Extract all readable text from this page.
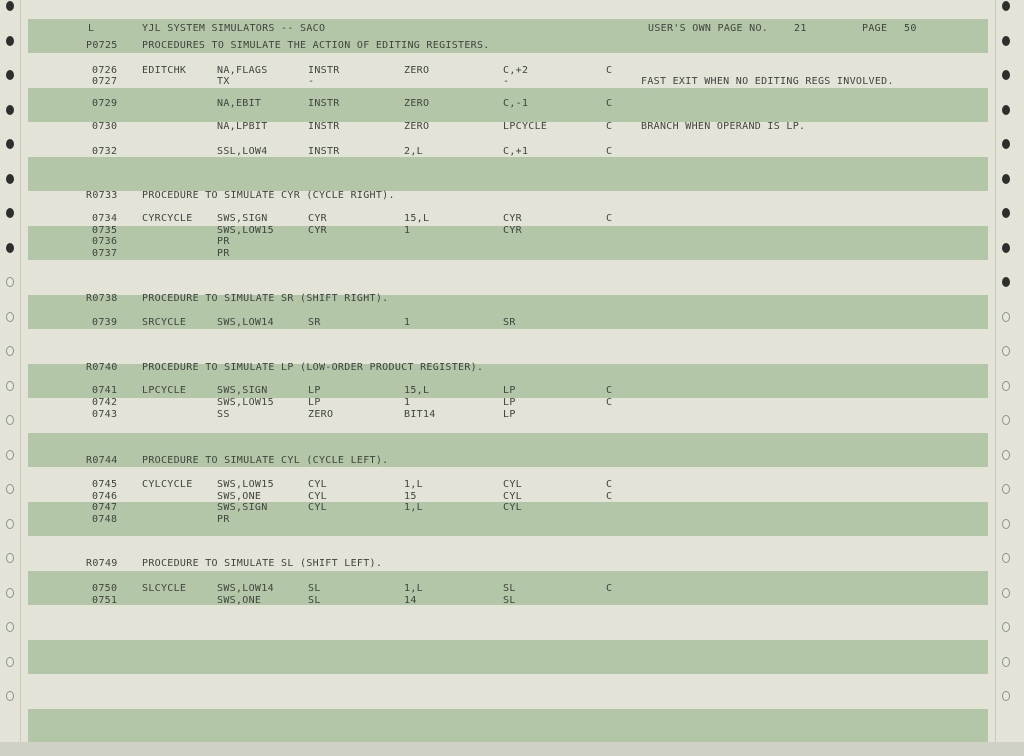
L	YJL SYSTEM SIMULATORS -- SACO	USER'S OWN PAGE NO.	21	PAGE 50
P0725 PROCEDURES TO SIMULATE THE ACTION OF EDITING REGISTERS.
0726 EDITCHK	NA,FLAGS	INSTR	ZERO	C,+2	C
0727	TX	-	-	FAST EXIT WHEN NO EDITING REGS INVOLVED.
0729	NA,EBIT	INSTR	ZERO	C,-1	C
0730	NA,LPBIT	INSTR	ZERO	LPCYCLE	C	BRANCH WHEN OPERAND IS LP.
0732	SSL,LOW4	INSTR	2,L	C,+1	C
R0733 PROCEDURE TO SIMULATE CYR (CYCLE RIGHT).
0734 CYRCYCLE SWS,SIGN	CYR	15,L	CYR	C
0735	SWS,LOW15	CYR	1	CYR
0736	PR
0737	PR
R0738 PROCEDURE TO SIMULATE SR (SHIFT RIGHT).
0739 SRCYCLE	SWS,LOW14	SR	1	SR
R0740 PROCEDURE TO SIMULATE LP (LOW-ORDER PRODUCT REGISTER).
0741 LPCYCLE	SWS,SIGN	LP	15,L	LP	C
0742	SWS,LOW15	LP	1	LP	C
0743	SS	ZERO	BIT14	LP
R0744 PROCEDURE TO SIMULATE CYL (CYCLE LEFT).
0745 CYLCYCLE SWS,LOW15	CYL	1,L	CYL	C
0746	SWS,ONE	CYL	15	CYL	C
0747	SWS,SIGN	CYL	1,L	CYL
0748	PR
R0749 PROCEDURE TO SIMULATE SL (SHIFT LEFT).
0750 SLCYCLE	SWS,LOW14	SL	1,L	SL	C
0751	SWS,ONE	SL	14	SL
